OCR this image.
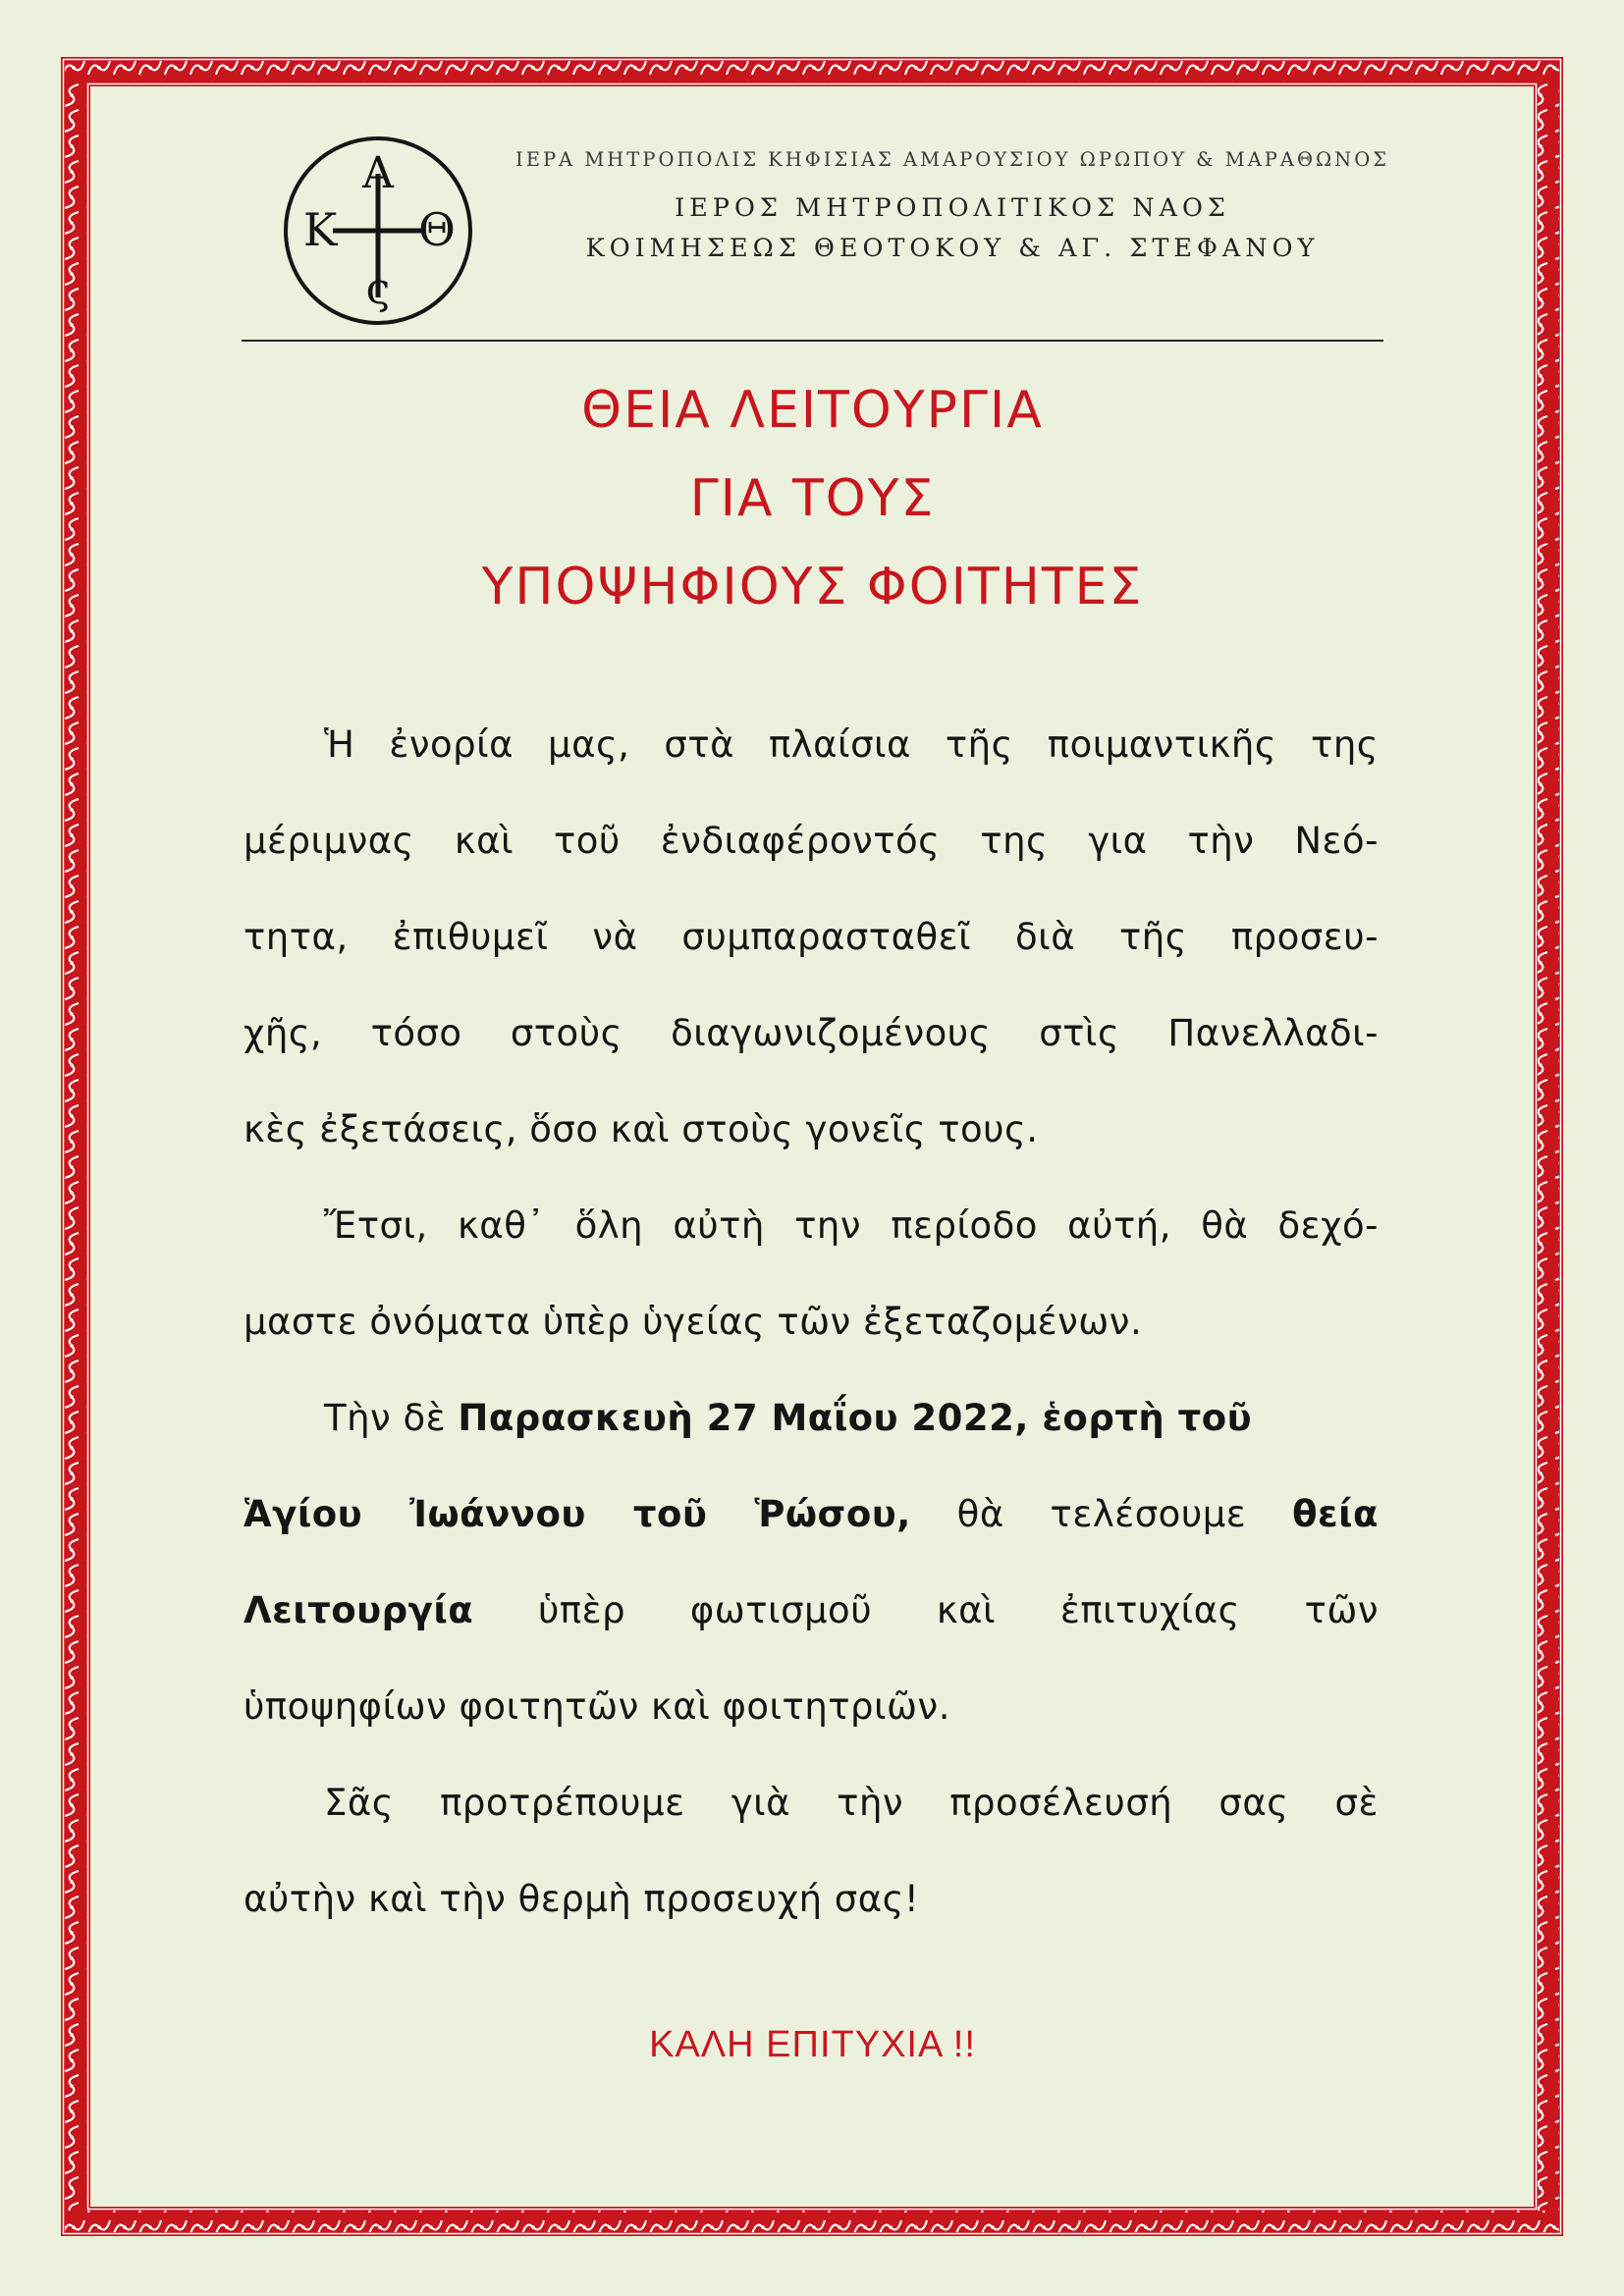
Α
Κ Θ
ς
ΙΕΡΑ ΜΗΤΡΟΠΟΛΙΣ ΚΗΦΙΣΙΑΣ ΑΜΑΡΟΥΣΙΟΥ ΩΡΩΠΟΥ & ΜΑΡΑΘΩΝΟΣ
ΙΕΡΟΣ ΜΗΤΡΟΠΟΛΙΤΙΚΟΣ ΝΑΟΣ
ΚΟΙΜΗΣΕΩΣ ΘΕΟΤΟΚΟΥ & ΑΓ. ΣΤΕΦΑΝΟΥ
ΘΕΙΑ ΛΕΙΤΟΥΡΓΙΑ
ΓΙΑ ΤΟΥΣ
ΥΠΟΨΗΦΙΟΥΣ ΦΟΙΤΗΤΕΣ
Ἡ ἐνορία μας, στὰ πλαίσια τῆς ποιμαντικῆς της
μέριμνας καὶ τοῦ ἐνδιαφέροντός της για τὴν Νεό-
τητα, ἐπιθυμεῖ νὰ συμπαρασταθεῖ διὰ τῆς προσευ-
χῆς, τόσο στοὺς διαγωνιζομένους στὶς Πανελλαδι-
κὲς ἐξετάσεις, ὅσο καὶ στοὺς γονεῖς τους.
Ἔτσι, καθ᾽ ὅλη αὐτὴ την περίοδο αὐτή, θὰ δεχό-
μαστε ὀνόματα ὑπὲρ ὑγείας τῶν ἐξεταζομένων.
Τὴν δὲ Παρασκευὴ 27 Μαΐου 2022, ἑορτὴ τοῦ
Ἁγίου Ἰωάννου τοῦ Ῥώσου, θὰ τελέσουμε θεία
Λειτουργία ὑπὲρ φωτισμοῦ καὶ ἐπιτυχίας τῶν
ὑποψηφίων φοιτητῶν καὶ φοιτητριῶν.
Σᾶς προτρέπουμε γιὰ τὴν προσέλευσή σας σὲ
αὐτὴν καὶ τὴν θερμὴ προσευχή σας!
ΚΑΛΗ ΕΠΙΤΥΧΙΑ !!
